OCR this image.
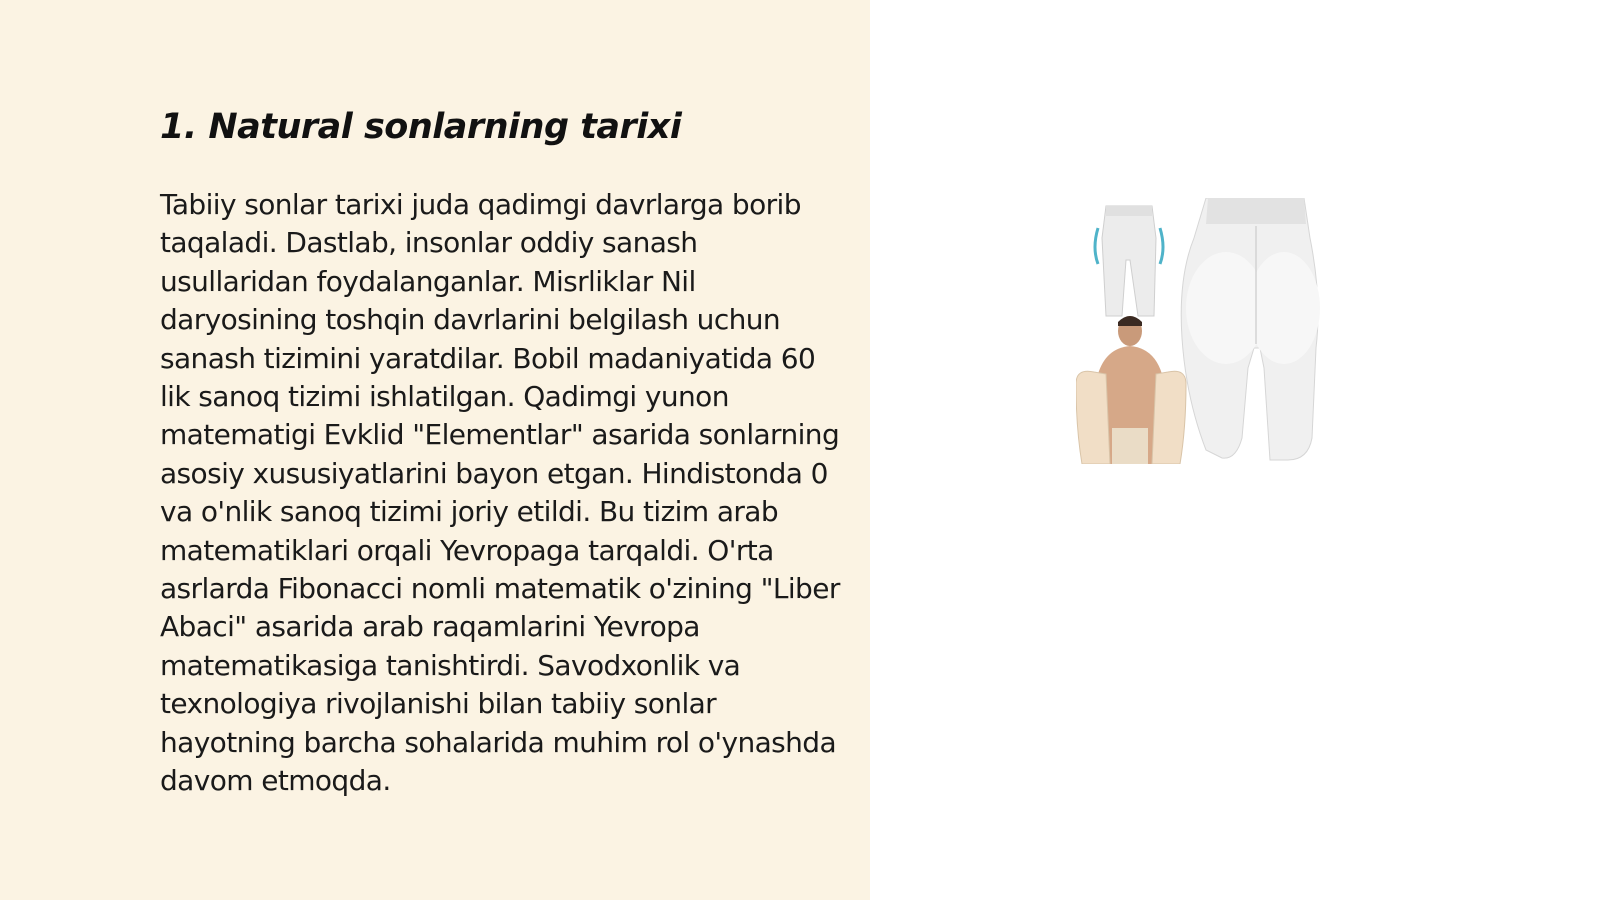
1. Natural sonlarning tarixi

Tabiiy sonlar tarixi juda qadimgi davrlarga borib taqaladi. Dastlab, insonlar oddiy sanash usullaridan foydalanganlar. Misrliklar Nil daryosining toshqin davrlarini belgilash uchun sanash tizimini yaratdilar. Bobil madaniyatida 60 lik sanoq tizimi ishlatilgan. Qadimgi yunon matematigi Evklid "Elementlar" asarida sonlarning asosiy xususiyatlarini bayon etgan. Hindistonda 0 va o'nlik sanoq tizimi joriy etildi. Bu tizim arab matematiklari orqali Yevropaga tarqaldi. O'rta asrlarda Fibonacci nomli matematik o'zining "Liber Abaci" asarida arab raqamlarini Yevropa matematikasiga tanishtirdi. Savodxonlik va texnologiya rivojlanishi bilan tabiiy sonlar hayotning barcha sohalarida muhim rol o'ynashda davom etmoqda.
